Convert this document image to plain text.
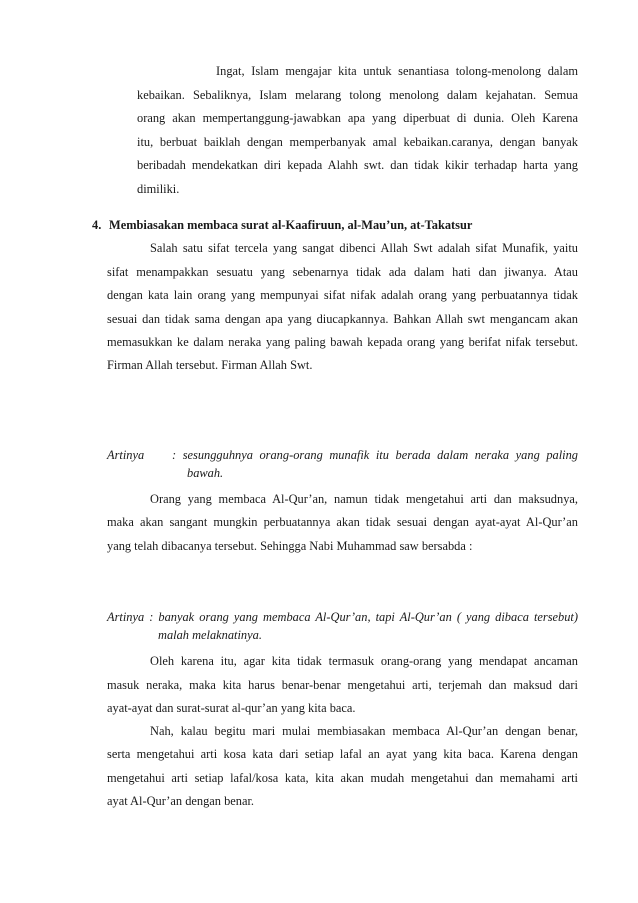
Ingat, Islam mengajar kita untuk senantiasa tolong-menolong dalam
kebaikan. Sebaliknya, Islam melarang tolong menolong dalam kejahatan. Semua
orang akan mempertanggung-jawabkan apa yang diperbuat di dunia. Oleh Karena
itu, berbuat baiklah dengan memperbanyak amal kebaikan.caranya, dengan banyak
beribadah mendekatkan diri kepada Alahh swt. dan tidak kikir terhadap harta yang
dimiliki.
4. Membiasakan membaca surat al-Kaafiruun, al-Mau’un, at-Takatsur
Salah satu sifat tercela yang sangat dibenci Allah Swt adalah sifat Munafik, yaitu
sifat menampakkan sesuatu yang sebenarnya tidak ada dalam hati dan jiwanya. Atau
dengan kata lain orang yang mempunyai sifat nifak adalah orang yang perbuatannya tidak
sesuai dan tidak sama dengan apa yang diucapkannya. Bahkan Allah swt mengancam akan
memasukkan ke dalam neraka yang paling bawah kepada orang yang berifat nifak tersebut.
Firman Allah tersebut. Firman Allah Swt.
Artinya : sesungguhnya orang-orang munafik itu berada dalam neraka yang paling
bawah.
Orang yang membaca Al-Qur’an, namun tidak mengetahui arti dan maksudnya,
maka akan sangant mungkin perbuatannya akan tidak sesuai dengan ayat-ayat Al-Qur’an
yang telah dibacanya tersebut. Sehingga Nabi Muhammad saw bersabda :
Artinya : banyak orang yang membaca Al-Qur’an, tapi Al-Qur’an ( yang dibaca tersebut)
malah melaknatinya.
Oleh karena itu, agar kita tidak termasuk orang-orang yang mendapat ancaman
masuk neraka, maka kita harus benar-benar mengetahui arti, terjemah dan maksud dari
ayat-ayat dan surat-surat al-qur’an yang kita baca.
Nah, kalau begitu mari mulai membiasakan membaca Al-Qur’an dengan benar,
serta mengetahui arti kosa kata dari setiap lafal an ayat yang kita baca. Karena dengan
mengetahui arti setiap lafal/kosa kata, kita akan mudah mengetahui dan memahami arti
ayat Al-Qur’an dengan benar.
